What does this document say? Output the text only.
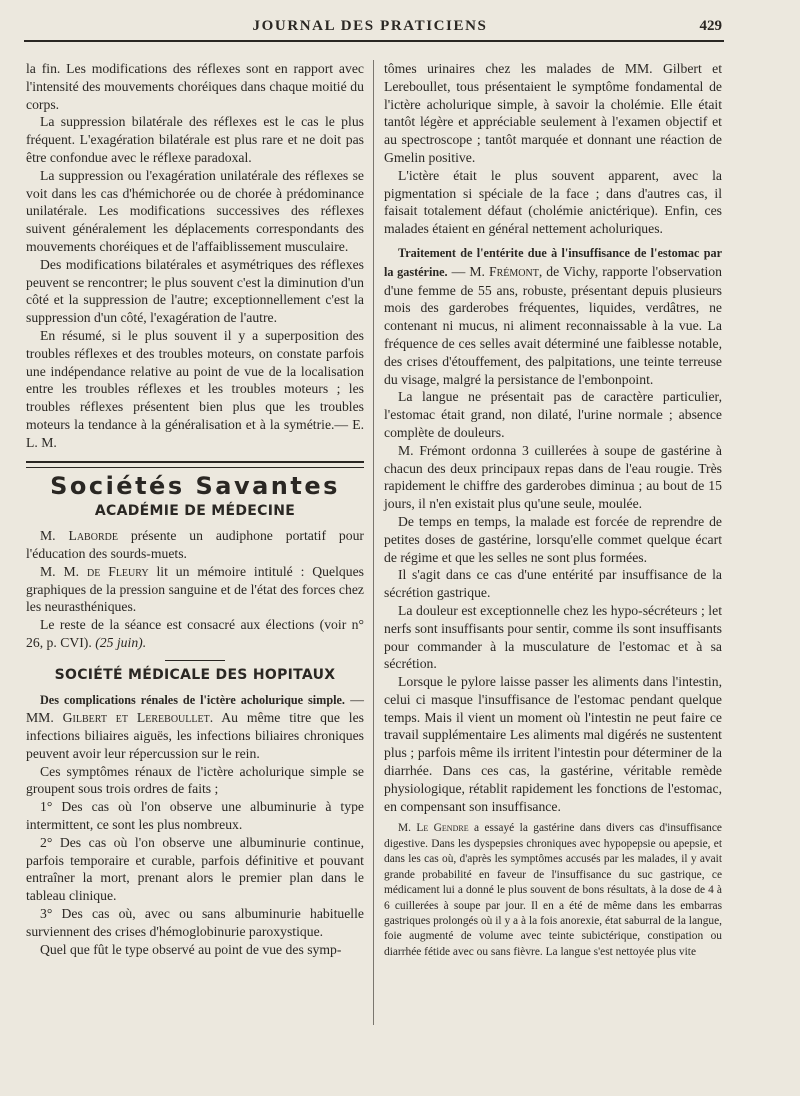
JOURNAL DES PRATICIENS	429

la fin. Les modifications des réflexes sont en rapport avec l'intensité des mouvements choréiques dans chaque moitié du corps.

La suppression bilatérale des réflexes est le cas le plus fréquent. L'exagération bilatérale est plus rare et ne doit pas être confondue avec le réflexe paradoxal.

La suppression ou l'exagération unilatérale des réflexes se voit dans les cas d'hémichorée ou de chorée à prédominance unilatérale. Les modifications successives des réflexes suivent généralement les déplacements correspondants des mouvements choréiques et de l'affaiblissement musculaire.

Des modifications bilatérales et asymétriques des réflexes peuvent se rencontrer; le plus souvent c'est la diminution d'un côté et la suppression de l'autre; exceptionnellement c'est la suppression d'un côté, l'exagération de l'autre.

En résumé, si le plus souvent il y a superposition des troubles réflexes et des troubles moteurs, on constate parfois une indépendance relative au point de vue de la localisation entre les troubles réflexes et les troubles moteurs ; les troubles réflexes présentent bien plus que les troubles moteurs la tendance à la généralisation et à la symétrie.— E. L. M.

Sociétés Savantes
ACADÉMIE DE MÉDECINE

M. Laborde présente un audiphone portatif pour l'éducation des sourds-muets.

M. M. de Fleury lit un mémoire intitulé : Quelques graphiques de la pression sanguine et de l'état des forces chez les neurasthéniques.

Le reste de la séance est consacré aux élections (voir n° 26, p. CVI). (25 juin).

SOCIÉTÉ MÉDICALE DES HOPITAUX

Des complications rénales de l'ictère acholurique simple. — MM. Gilbert et Lereboullet. Au même titre que les infections biliaires aiguës, les infections biliaires chroniques peuvent avoir leur répercussion sur le rein.

Ces symptômes rénaux de l'ictère acholurique simple se groupent sous trois ordres de faits ;

1° Des cas où l'on observe une albuminurie à type intermittent, ce sont les plus nombreux.

2° Des cas où l'on observe une albuminurie continue, parfois temporaire et curable, parfois définitive et pouvant entraîner la mort, prenant alors le premier plan dans le tableau clinique.

3° Des cas où, avec ou sans albuminurie habituelle surviennent des crises d'hémoglobinurie paroxystique.

Quel que fût le type observé au point de vue des symp-

tômes urinaires chez les malades de MM. Gilbert et Lereboullet, tous présentaient le symptôme fondamental de l'ictère acholurique simple, à savoir la cholémie. Elle était tantôt légère et appréciable seulement à l'examen objectif et au spectroscope ; tantôt marquée et donnant une réaction de Gmelin positive.

L'ictère était le plus souvent apparent, avec la pigmentation si spéciale de la face ; dans d'autres cas, il faisait totalement défaut (cholémie anictérique). Enfin, ces malades étaient en général nettement acholuriques.

Traitement de l'entérite due à l'insuffisance de l'estomac par la gastérine. — M. Frémont, de Vichy, rapporte l'observation d'une femme de 55 ans, robuste, présentant depuis plusieurs mois des garderobes fréquentes, liquides, verdâtres, ne contenant ni mucus, ni aliment reconnaissable à la vue. La fréquence de ces selles avait déterminé une faiblesse notable, des crises d'étouffement, des palpitations, une teinte terreuse du visage, malgré la persistance de l'embonpoint.

La langue ne présentait pas de caractère particulier, l'estomac était grand, non dilaté, l'urine normale ; absence complète de douleurs.

M. Frémont ordonna 3 cuillerées à soupe de gastérine à chacun des deux principaux repas dans de l'eau rougie. Très rapidement le chiffre des garderobes diminua ; au bout de 15 jours, il n'en existait plus qu'une seule, moulée.

De temps en temps, la malade est forcée de reprendre de petites doses de gastérine, lorsqu'elle commet quelque écart de régime et que les selles ne sont plus formées.

Il s'agit dans ce cas d'une entérité par insuffisance de la sécrétion gastrique.

La douleur est exceptionnelle chez les hypo-sécréteurs ; let nerfs sont insuffisants pour sentir, comme ils sont insuffisants pour commander à la musculature de l'estomac et à sa sécrétion.

Lorsque le pylore laisse passer les aliments dans l'intestin, celui ci masque l'insuffisance de l'estomac pendant quelque temps. Mais il vient un moment où l'intestin ne peut faire ce travail supplémentaire Les aliments mal digérés ne sustentent plus ; parfois même ils irritent l'intestin pour déterminer de la diarrhée. Dans ces cas, la gastérine, véritable remède physiologique, rétablit rapidement les fonctions de l'estomac, en compensant son insuffisance.

M. Le Gendre a essayé la gastérine dans divers cas d'insuffisance digestive. Dans les dyspepsies chroniques avec hypopepsie ou apepsie, et dans les cas où, d'après les symptômes accusés par les malades, il y avait grande probabilité en faveur de l'insuffisance du suc gastrique, ce médicament lui a donné le plus souvent de bons résultats, à la dose de 4 à 6 cuillerées à soupe par jour. Il en a été de même dans les embarras gastriques prolongés où il y a à la fois anorexie, état saburral de la langue, foie augmenté de volume avec teinte subictérique, constipation ou diarrhée fétide avec ou sans fièvre. La langue s'est nettoyée plus vite
